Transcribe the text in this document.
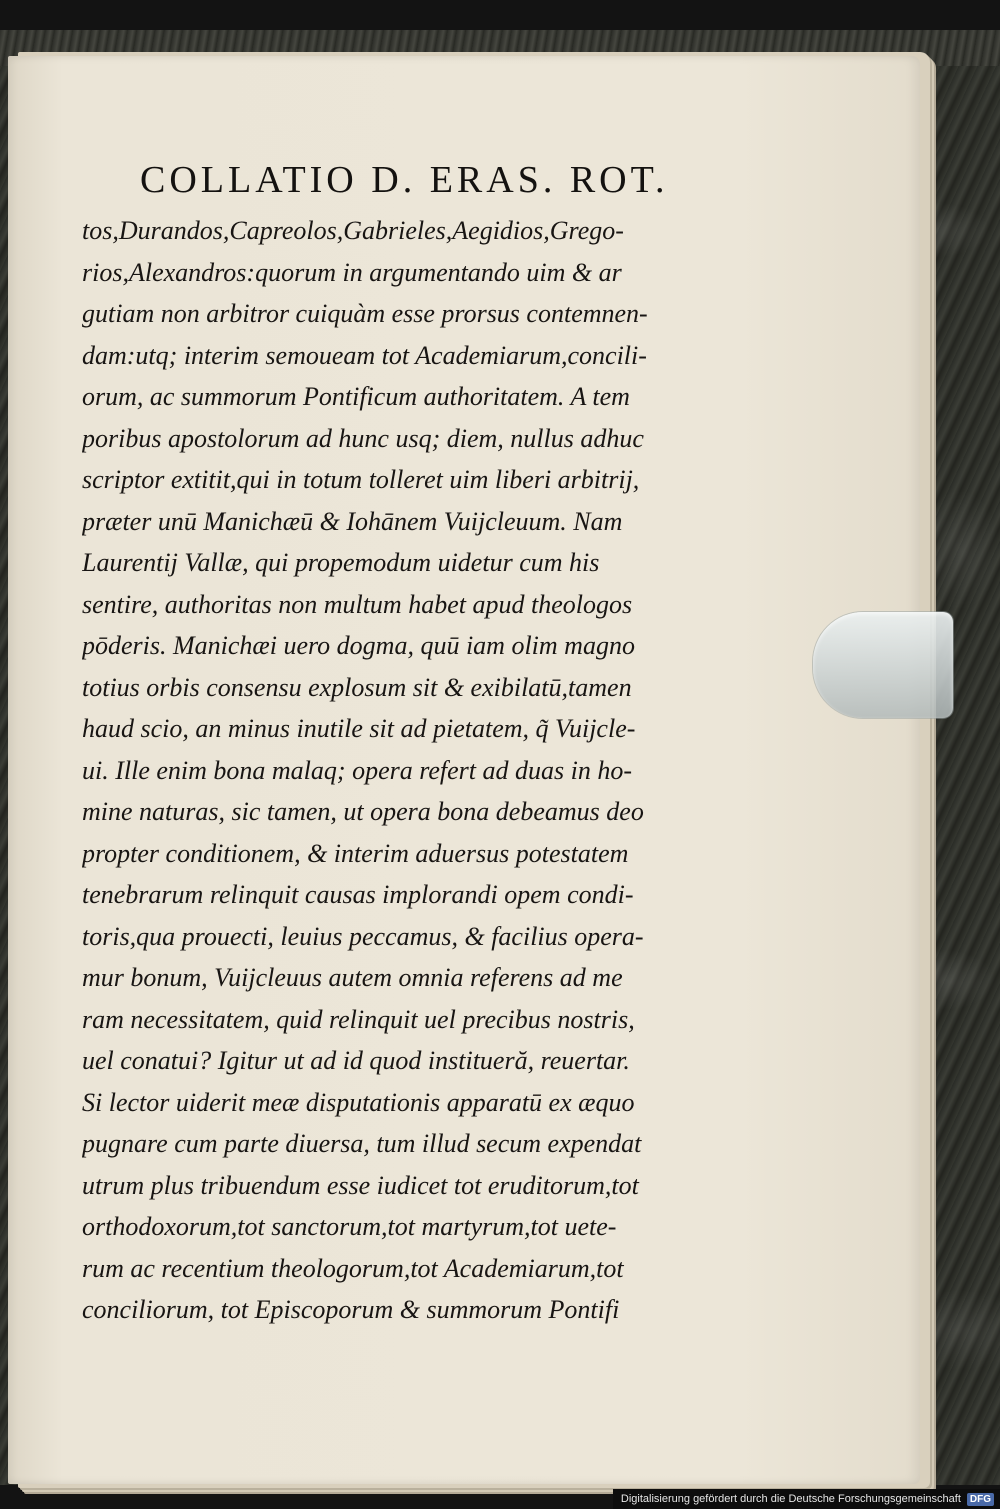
COLLATIO D. ERAS. ROT.
tos,Durandos,Capreolos,Gabrieles,Aegidios,Grego-
rios,Alexandros:quorum in argumentando uim & ar
gutiam non arbitror cuiquàm esse prorsus contemnen-
dam:utq; interim semoueam tot Academiarum,concili-
orum, ac summorum Pontificum authoritatem. A tem
poribus apostolorum ad hunc usq; diem, nullus adhuc
scriptor extitit,qui in totum tolleret uim liberi arbitrij,
præter unū Manichæū & Iohānem Vuijcleuum. Nam
Laurentij Vallæ, qui propemodum uidetur cum his
sentire, authoritas non multum habet apud theologos
pōderis. Manichæi uero dogma, quū iam olim magno
totius orbis consensu explosum sit & exibilatū,tamen
haud scio, an minus inutile sit ad pietatem, q̃ Vuijcle-
ui. Ille enim bona malaq; opera refert ad duas in ho-
mine naturas, sic tamen, ut opera bona debeamus deo
propter conditionem, & interim aduersus potestatem
tenebrarum relinquit causas implorandi opem condi-
toris,qua prouecti, leuius peccamus, & facilius opera-
mur bonum, Vuijcleuus autem omnia referens ad me
ram necessitatem, quid relinquit uel precibus nostris,
uel conatui? Igitur ut ad id quod institueră, reuertar.
Si lector uiderit meæ disputationis apparatū ex æquo
pugnare cum parte diuersa, tum illud secum expendat
utrum plus tribuendum esse iudicet tot eruditorum,tot
orthodoxorum,tot sanctorum,tot martyrum,tot uete-
rum ac recentium theologorum,tot Academiarum,tot
conciliorum, tot Episcoporum & summorum Pontifi
Digitalisierung gefördert durch die Deutsche Forschungsgemeinschaft DFG
